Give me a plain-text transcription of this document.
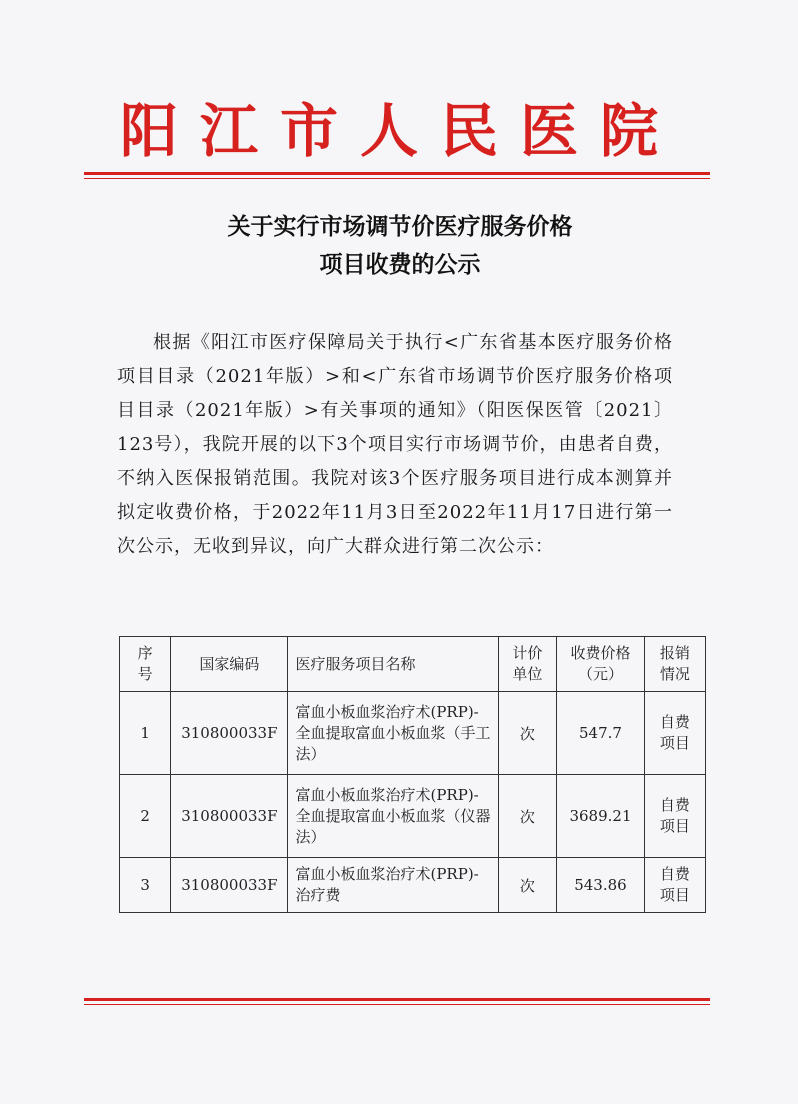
阳江市人民医院
关于实行市场调节价医疗服务价格
项目收费的公示
根据《阳江市医疗保障局关于执行<广东省基本医疗服务价格项目目录（2021年版）>和<广东省市场调节价医疗服务价格项目目录（2021年版）>有关事项的通知》（阳医保医管〔2021〕123号），我院开展的以下3个项目实行市场调节价，由患者自费，不纳入医保报销范围。我院对该3个医疗服务项目进行成本测算并拟定收费价格，于2022年11月3日至2022年11月17日进行第一次公示，无收到异议，向广大群众进行第二次公示：
序号	国家编码	医疗服务项目名称	计价单位	收费价格（元）	报销情况
1	310800033F	富血小板血浆治疗术(PRP)-全血提取富血小板血浆（手工法）	次	547.7	自费项目
2	310800033F	富血小板血浆治疗术(PRP)-全血提取富血小板血浆（仪器法）	次	3689.21	自费项目
3	310800033F	富血小板血浆治疗术(PRP)-治疗费	次	543.86	自费项目
